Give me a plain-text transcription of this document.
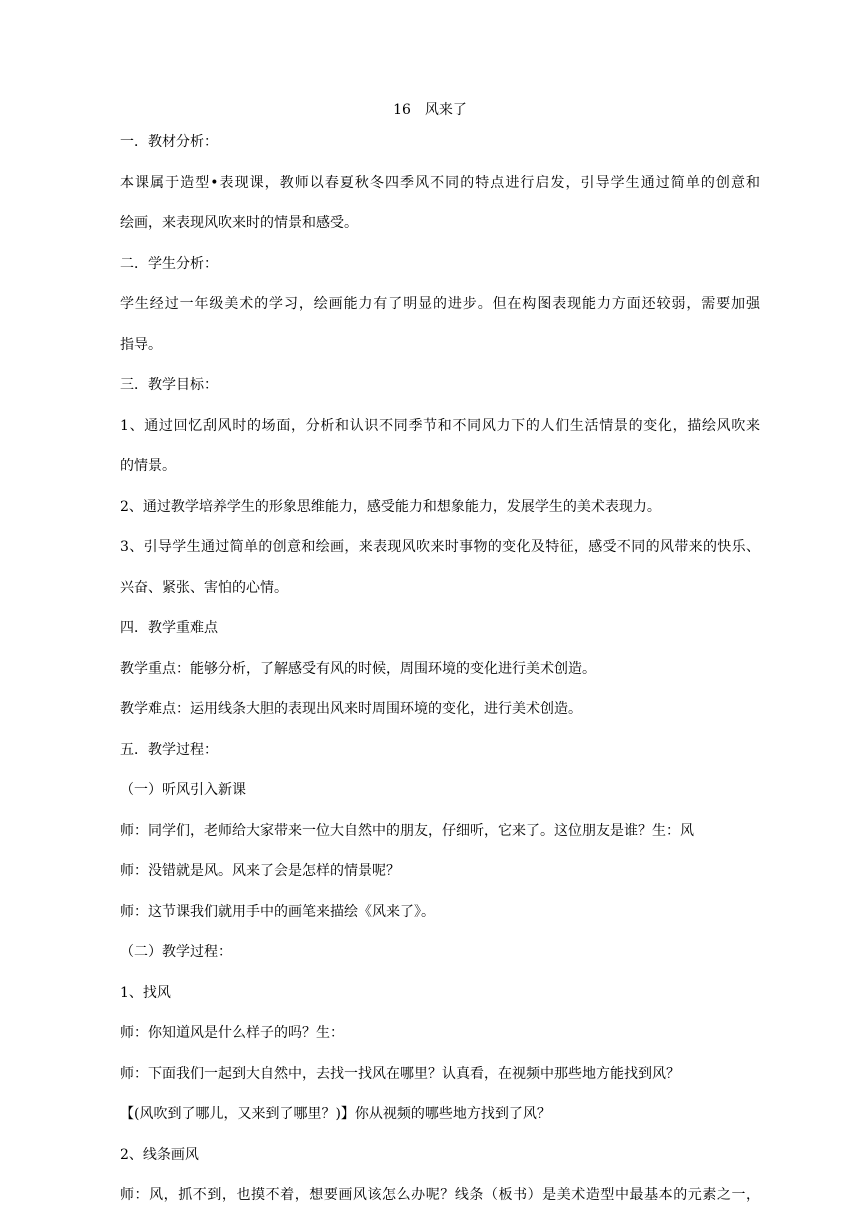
16　风来了
一．教材分析：
本课属于造型•表现课，教师以春夏秋冬四季风不同的特点进行启发，引导学生通过简单的创意和
绘画，来表现风吹来时的情景和感受。
二．学生分析：
学生经过一年级美术的学习，绘画能力有了明显的进步。但在构图表现能力方面还较弱，需要加强
指导。
三．教学目标：
1、通过回忆刮风时的场面，分析和认识不同季节和不同风力下的人们生活情景的变化，描绘风吹来
的情景。
2、通过教学培养学生的形象思维能力，感受能力和想象能力，发展学生的美术表现力。
3、引导学生通过简单的创意和绘画，来表现风吹来时事物的变化及特征，感受不同的风带来的快乐、
兴奋、紧张、害怕的心情。
四．教学重难点
教学重点：能够分析，了解感受有风的时候，周围环境的变化进行美术创造。
教学难点：运用线条大胆的表现出风来时周围环境的变化，进行美术创造。
五．教学过程：
（一）听风引入新课
师：同学们，老师给大家带来一位大自然中的朋友，仔细听，它来了。这位朋友是谁？生：风
师：没错就是风。风来了会是怎样的情景呢？
师：这节课我们就用手中的画笔来描绘《风来了》。
（二）教学过程：
1、找风
师：你知道风是什么样子的吗？生：
师：下面我们一起到大自然中，去找一找风在哪里？认真看，在视频中那些地方能找到风？
【(风吹到了哪儿，又来到了哪里？)】你从视频的哪些地方找到了风？
2、线条画风
师：风，抓不到，也摸不着，想要画风该怎么办呢？线条（板书）是美术造型中最基本的元素之一，
